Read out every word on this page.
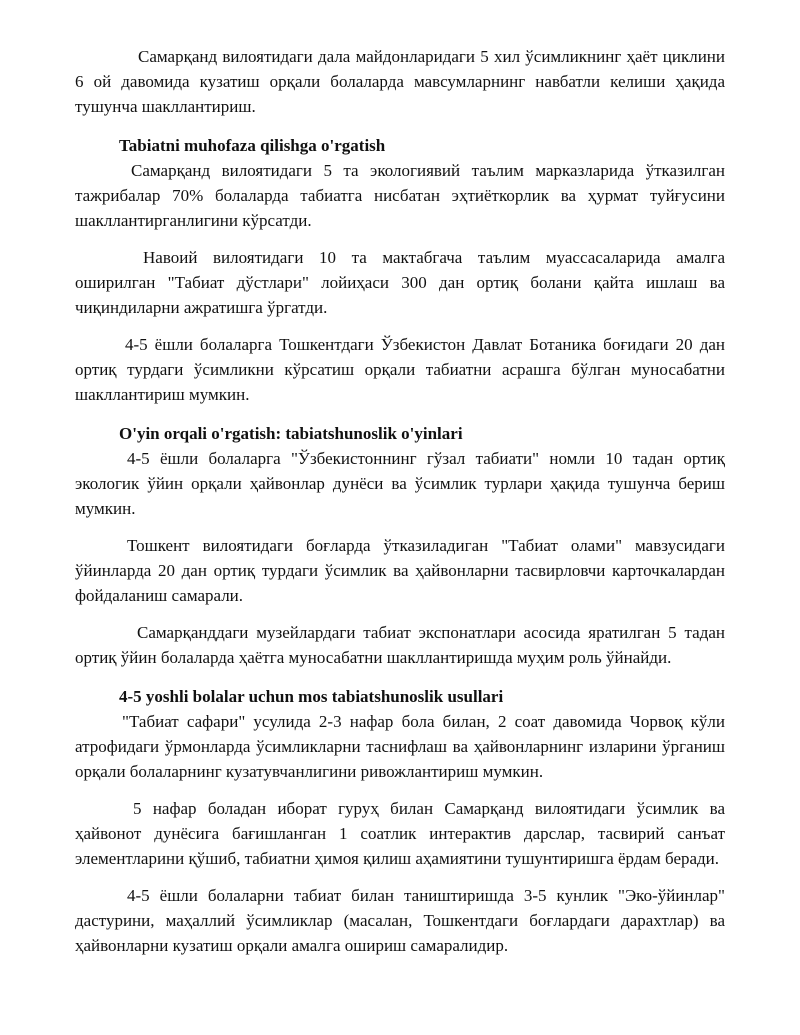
Самарқанд вилоятидаги дала майдонларидаги 5 хил ўсимликнинг ҳаёт циклини 6 ой давомида кузатиш орқали болаларда мавсумларнинг навбатли келиши ҳақида тушунча шакллантириш.

Tabiatni muhofaza qilishga o'rgatish

Самарқанд вилоятидаги 5 та экологиявий таълим марказларида ўтказилган тажрибалар 70% болаларда табиатга нисбатан эҳтиёткорлик ва ҳурмат туйғусини шакллантирганлигини кўрсатди.

Навоий вилоятидаги 10 та мактабгача таълим муассасаларида амалга оширилган "Табиат дўстлари" лойиҳаси 300 дан ортиқ болани қайта ишлаш ва чиқиндиларни ажратишга ўргатди.

4-5 ёшли болаларга Тошкентдаги Ўзбекистон Давлат Ботаника боғидаги 20 дан ортиқ турдаги ўсимликни кўрсатиш орқали табиатни асрашга бўлган муносабатни шакллантириш мумкин.

O'yin orqali o'rgatish: tabiatshunoslik o'yinlari

4-5 ёшли болаларга "Ўзбекистоннинг гўзал табиати" номли 10 тадан ортиқ экологик ўйин орқали ҳайвонлар дунёси ва ўсимлик турлари ҳақида тушунча бериш мумкин.

Тошкент вилоятидаги боғларда ўтказиладиган "Табиат олами" мавзусидаги ўйинларда 20 дан ортиқ турдаги ўсимлик ва ҳайвонларни тасвирловчи карточкалардан фойдаланиш самарали.

Самарқанддаги музейлардаги табиат экспонатлари асосида яратилган 5 тадан ортиқ ўйин болаларда ҳаётга муносабатни шакллантиришда муҳим роль ўйнайди.

4-5 yoshli bolalar uchun mos tabiatshunoslik usullari

"Табиат сафари" усулида 2-3 нафар бола билан, 2 соат давомида Чорвоқ кўли атрофидаги ўрмонларда ўсимликларни таснифлаш ва ҳайвонларнинг изларини ўрганиш орқали болаларнинг кузатувчанлигини ривожлантириш мумкин.

5 нафар боладан иборат гуруҳ билан Самарқанд вилоятидаги ўсимлик ва ҳайвонот дунёсига бағишланган 1 соатлик интерактив дарслар, тасвирий санъат элементларини қўшиб, табиатни ҳимоя қилиш аҳамиятини тушунтиришга ёрдам беради.

4-5 ёшли болаларни табиат билан таништиришда 3-5 кунлик "Эко-ўйинлар" дастурини, маҳаллий ўсимликлар (масалан, Тошкентдаги боғлардаги дарахтлар) ва ҳайвонларни кузатиш орқали амалга ошириш самаралидир.
